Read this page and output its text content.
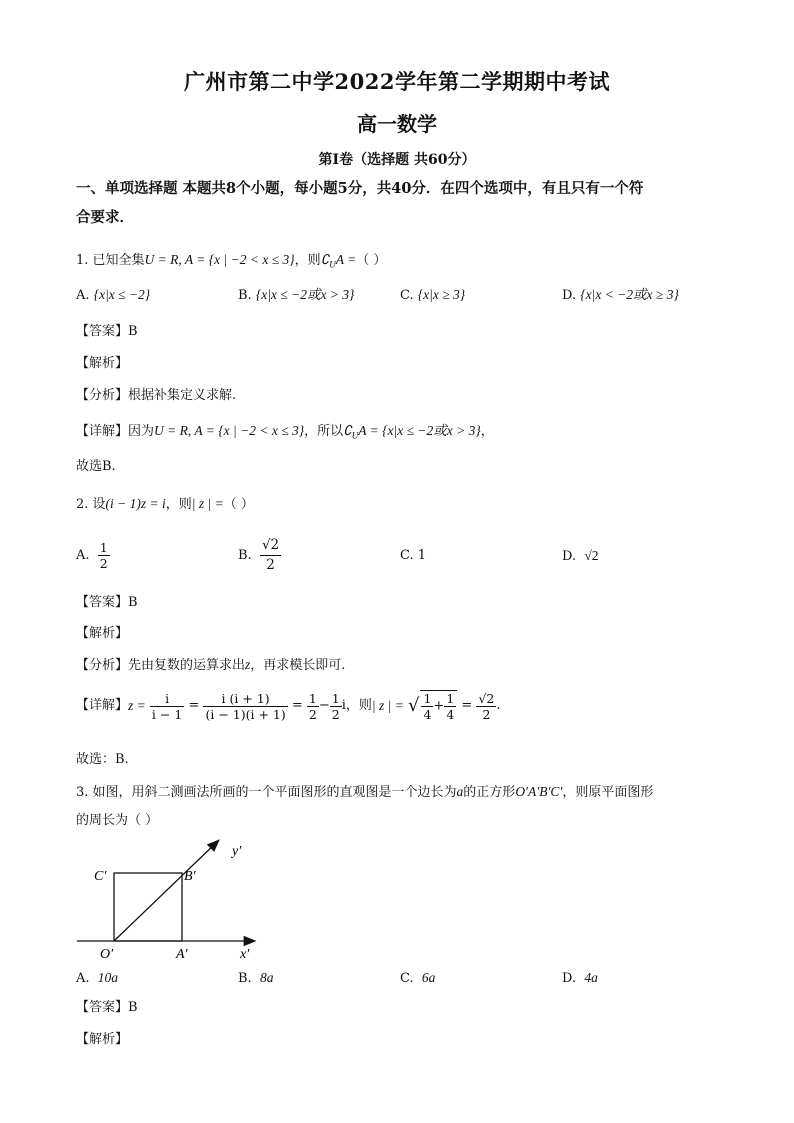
广州市第二中学2022学年第二学期期中考试
高一数学
第Ⅰ卷（选择题 共60分）
一、单项选择题 本题共8个小题，每小题5分，共40分．在四个选项中，有且只有一个符
合要求．
1. 已知全集U = R, A = {x | −2 < x ≤ 3}，则$∁_UA$ =（ ）
A. {x|x ≤ −2}	B. {x|x ≤ −2或x > 3}	C. {x|x ≥ 3}	D. {x|x < −2或x ≥ 3}
【答案】B
【解析】
【分析】根据补集定义求解.
【详解】因为U = R, A = {x | −2 < x ≤ 3}，所以$∁_UA = \{x|x \le -2$或x > 3}，
故选B.
2. 设(i − 1)z = i，则| z | =（ ）
A. $\frac{1}{2}$	B. $\frac{√2}{2}$	C. 1	D. √2
【答案】B
【解析】
【分析】先由复数的运算求出z，再求模长即可.
【详解】$z = \frac{i}{i - 1} = \frac{i (i + 1)}{(i - 1)(i + 1)} = \frac{1}{2} - \frac{1}{2}$ i，则| z | = √ $\frac{1}{4} + \frac{1}{4} = \frac{√2}{2}$ .
故选：B.
3. 如图，用斜二测画法所画的一个平面图形的直观图是一个边长为a的正方形O′A′B′C′，则原平面图形
的周长为（ ）
y′
x′
C′	B′
O′	A′
A. 10a	B. 8a	C. 6a	D. 4a
【答案】B
【解析】
